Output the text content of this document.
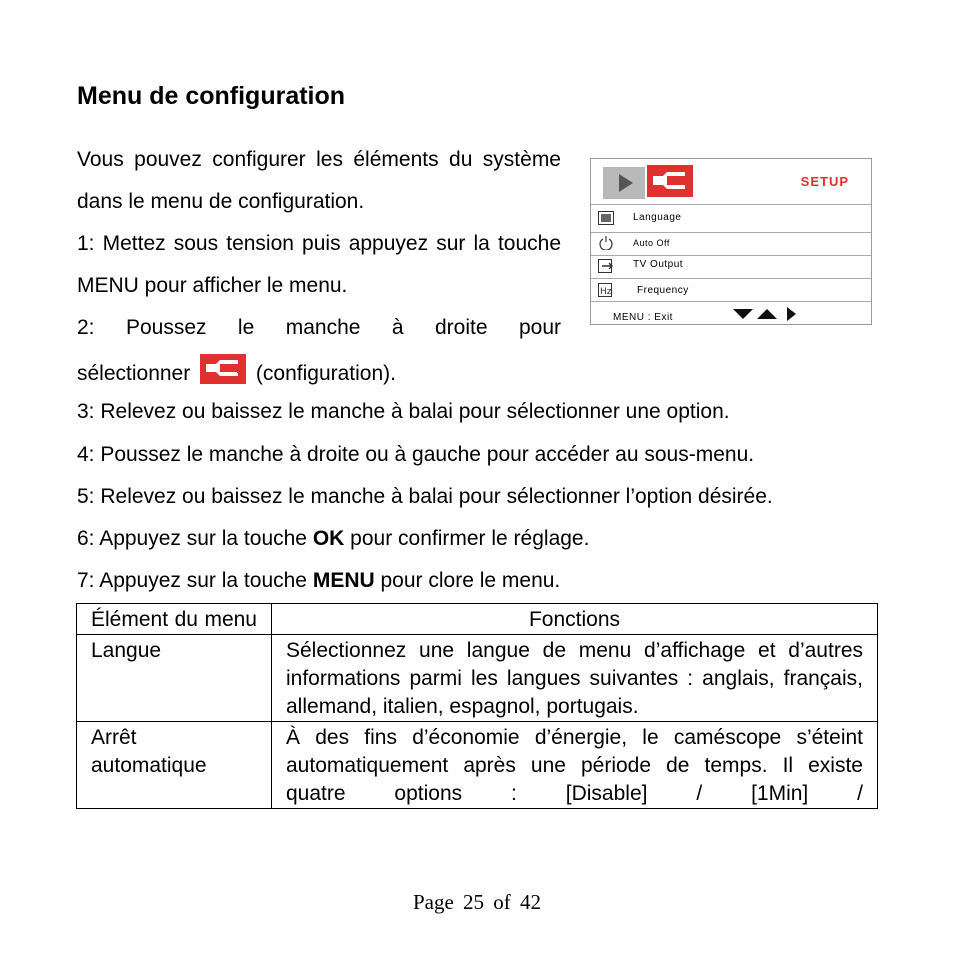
Menu de configuration
Vous pouvez configurer les éléments du système dans le menu de configuration.
1: Mettez sous tension puis appuyez sur la touche MENU pour afficher le menu.
2: Poussez le manche à droite pour
sélectionner	(configuration).
SETUP
Language
Auto Off
TV Output
Hz	Frequency
MENU : Exit
3: Relevez ou baissez le manche à balai pour sélectionner une option.
4: Poussez le manche à droite ou à gauche pour accéder au sous-menu.
5: Relevez ou baissez le manche à balai pour sélectionner l’option désirée.
6: Appuyez sur la touche OK pour confirmer le réglage.
7: Appuyez sur la touche MENU pour clore le menu.
Élément du menu	Fonctions
Langue	Sélectionnez une langue de menu d’affichage et d’autres informations parmi les langues suivantes : anglais, français, allemand, italien, espagnol, portugais.
Arrêt automatique	À des fins d’économie d’énergie, le caméscope s’éteint automatiquement après une période de temps. Il existe quatre options : [Disable] / [1Min] /
Page 25 of 42
